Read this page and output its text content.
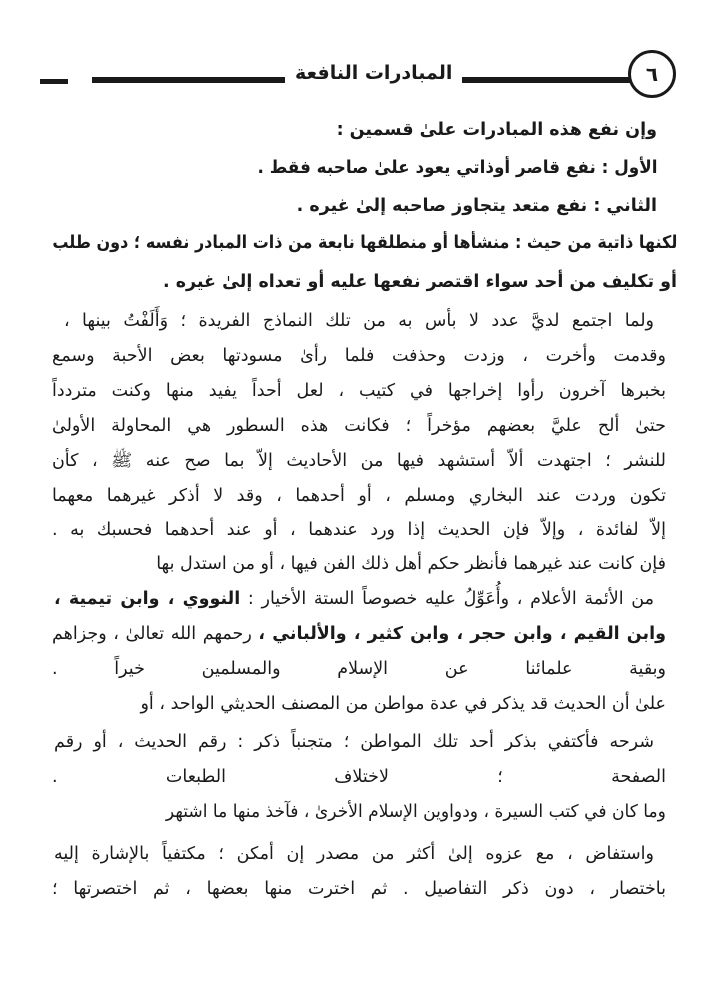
المبادرات النافعة	٦
وإن نفع هذه المبادرات علىٰ قسمين :
الأول : نفع قاصر أوذاتي يعود علىٰ صاحبه فقط .
الثاني : نفع متعد يتجاوز صاحبه إلىٰ غيره .
لكنها ذاتية من حيث : منشأها أو منطلقها نابعة من ذات المبادر نفسه ؛ دون طلب
أو تكليف من أحد سواء اقتصر نفعها عليه أو تعداه إلىٰ غيره .
ولما اجتمع لديَّ عدد لا بأس به من تلك النماذج الفريدة ؛ وَأَلَفْتُ بينها ،
وقدمت وأخرت ، وزدت وحذفت فلما رأىٰ مسودتها بعض الأحبة وسمع
بخبرها آخرون رأوا إخراجها في كتيب ، لعل أحداً يفيد منها وكنت متردداً
حتىٰ ألح عليَّ بعضهم مؤخراً ؛ فكانت هذه السطور هي المحاولة الأولىٰ
للنشر ؛ اجتهدت ألاّ أستشهد فيها من الأحاديث إلاّ بما صح عنه ﷺ ، كأن
تكون وردت عند البخاري ومسلم ، أو أحدهما ، وقد لا أذكر غيرهما معهما
إلاّ لفائدة ، وإلاّ فإن الحديث إذا ورد عندهما ، أو عند أحدهما فحسبك به .
فإن كانت عند غيرهما فأنظر حكم أهل ذلك الفن فيها ، أو من استدل بها
من الأئمة الأعلام ، وأُعَوِّلُ عليه خصوصاً الستة الأخيار : النووي ، وابن تيمية ،
وابن القيم ، وابن حجر ، وابن كثير ، والألباني ، رحمهم الله تعالىٰ ، وجزاهم
وبقية علمائنا عن الإسلام والمسلمين خيراً .
علىٰ أن الحديث قد يذكر في عدة مواطن من المصنف الحديثي الواحد ، أو
شرحه فأكتفي بذكر أحد تلك المواطن ؛ متجنباً ذكر : رقم الحديث ، أو رقم
الصفحة ؛ لاختلاف الطبعات .
وما كان في كتب السيرة ، ودواوين الإسلام الأخرىٰ ، فآخذ منها ما اشتهر
واستفاض ، مع عزوه إلىٰ أكثر من مصدر إن أمكن ؛ مكتفياً بالإشارة إليه
باختصار ، دون ذكر التفاصيل . ثم اخترت منها بعضها ، ثم اختصرتها ؛
